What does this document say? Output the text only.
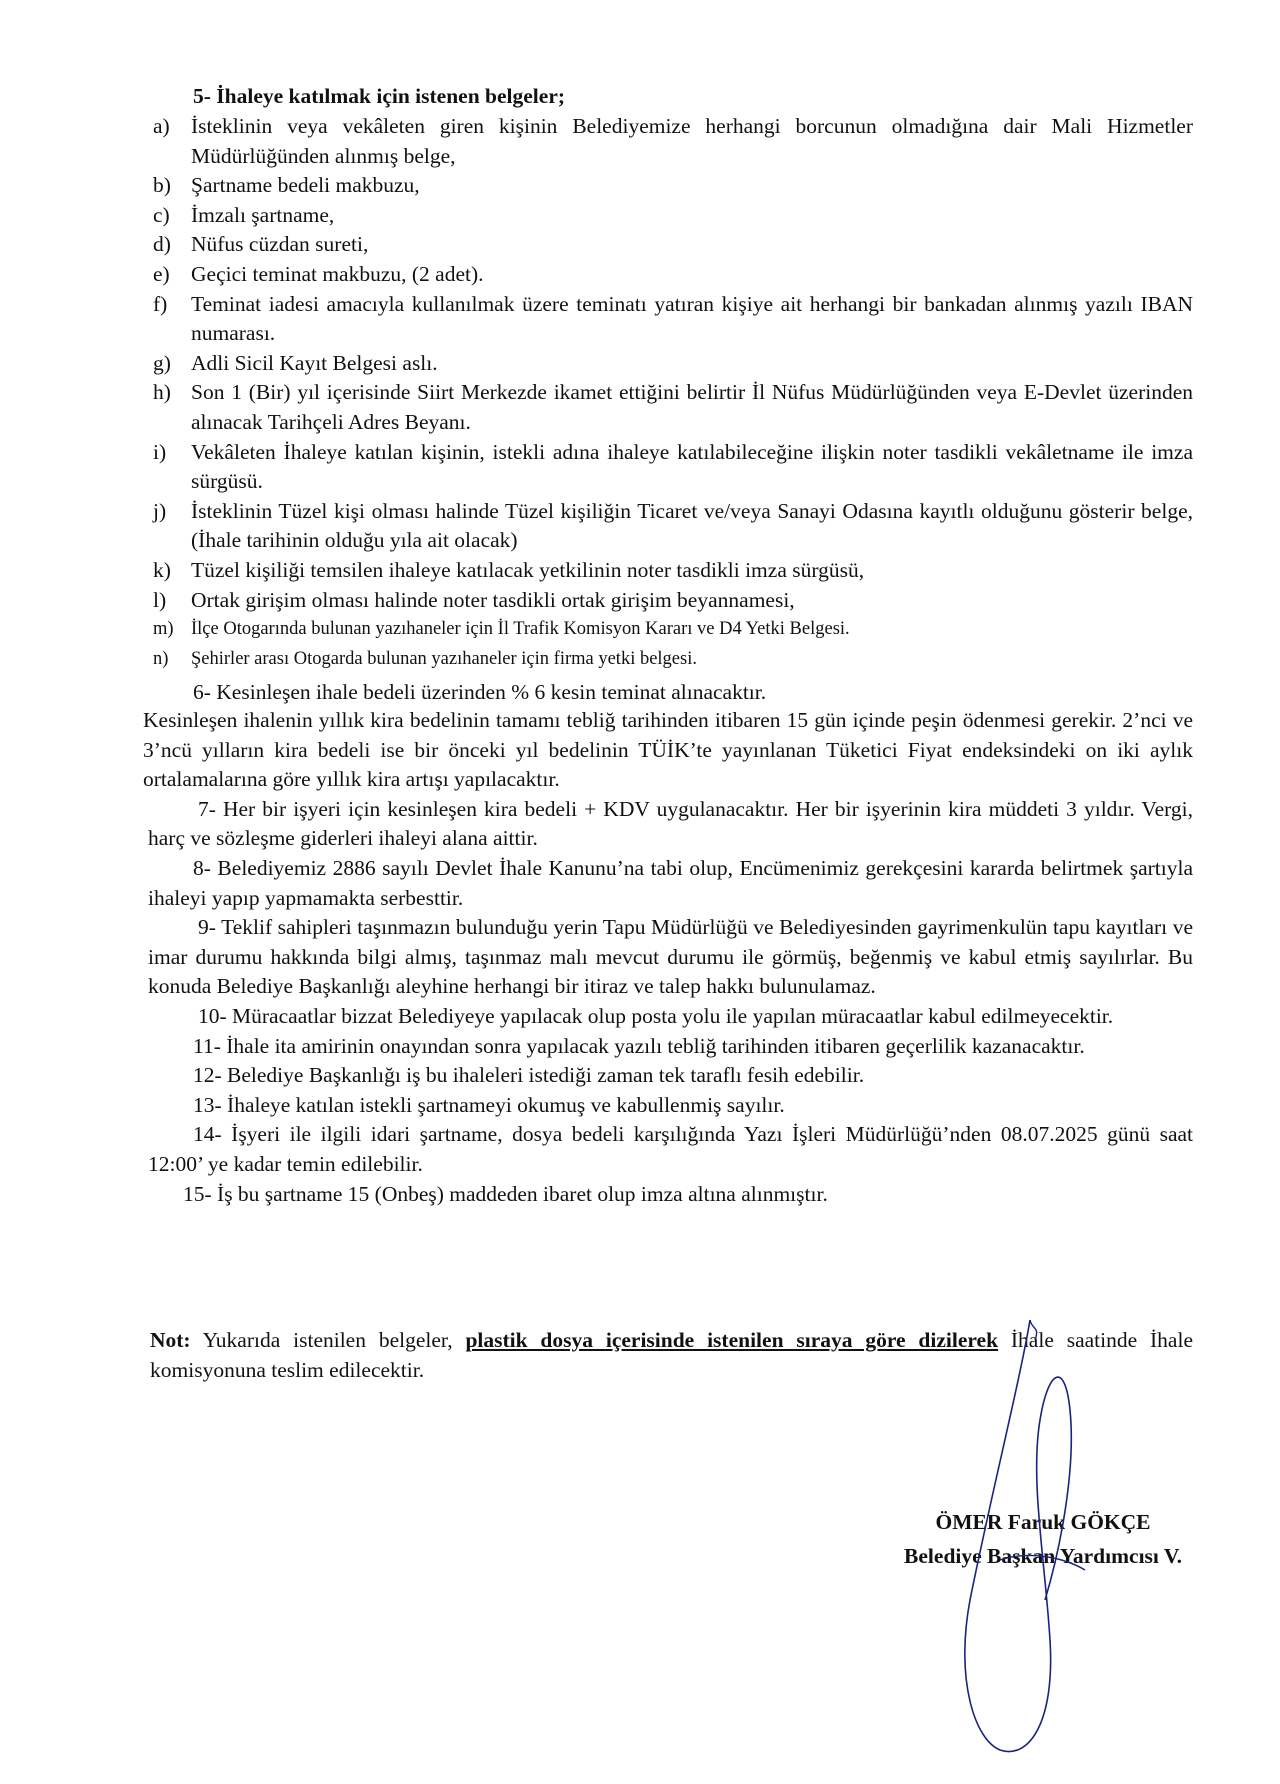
5- İhaleye katılmak için istenen belgeler;
a) İsteklinin veya vekâleten giren kişinin Belediyemize herhangi borcunun olmadığına dair Mali Hizmetler Müdürlüğünden alınmış belge,
b) Şartname bedeli makbuzu,
c) İmzalı şartname,
d) Nüfus cüzdan sureti,
e) Geçici teminat makbuzu, (2 adet).
f)	Teminat iadesi amacıyla kullanılmak üzere teminatı yatıran kişiye ait herhangi bir bankadan alınmış yazılı IBAN numarası.
g) Adli Sicil Kayıt Belgesi aslı.
h) Son 1 (Bir) yıl içerisinde Siirt Merkezde ikamet ettiğini belirtir İl Nüfus Müdürlüğünden veya E-Devlet üzerinden alınacak Tarihçeli Adres Beyanı.
i)	Vekâleten İhaleye katılan kişinin, istekli adına ihaleye katılabileceğine ilişkin noter tasdikli vekâletname ile imza sürgüsü.
j)	İsteklinin Tüzel kişi olması halinde Tüzel kişiliğin Ticaret ve/veya Sanayi Odasına kayıtlı olduğunu gösterir belge, (İhale tarihinin olduğu yıla ait olacak)
k) Tüzel kişiliği temsilen ihaleye katılacak yetkilinin noter tasdikli imza sürgüsü,
l)	Ortak girişim olması halinde noter tasdikli ortak girişim beyannamesi,
m) İlçe Otogarında bulunan yazıhaneler için İl Trafik Komisyon Kararı ve D4 Yetki Belgesi.
n)	Şehirler arası Otogarda bulunan yazıhaneler için firma yetki belgesi.
6- Kesinleşen ihale bedeli üzerinden % 6 kesin teminat alınacaktır.
Kesinleşen ihalenin yıllık kira bedelinin tamamı tebliğ tarihinden itibaren 15 gün içinde peşin ödenmesi gerekir. 2’nci ve 3’ncü yılların kira bedeli ise bir önceki yıl bedelinin TÜİK’te yayınlanan Tüketici Fiyat endeksindeki on iki aylık ortalamalarına göre yıllık kira artışı yapılacaktır.
7- Her bir işyeri için kesinleşen kira bedeli + KDV uygulanacaktır. Her bir işyerinin kira müddeti 3 yıldır. Vergi, harç ve sözleşme giderleri ihaleyi alana aittir.
8- Belediyemiz 2886 sayılı Devlet İhale Kanunu’na tabi olup, Encümenimiz gerekçesini kararda belirtmek şartıyla ihaleyi yapıp yapmamakta serbesttir.
9- Teklif sahipleri taşınmazın bulunduğu yerin Tapu Müdürlüğü ve Belediyesinden gayrimenkulün tapu kayıtları ve imar durumu hakkında bilgi almış, taşınmaz malı mevcut durumu ile görmüş, beğenmiş ve kabul etmiş sayılırlar. Bu konuda Belediye Başkanlığı aleyhine herhangi bir itiraz ve talep hakkı bulunulamaz.
10- Müracaatlar bizzat Belediyeye yapılacak olup posta yolu ile yapılan müracaatlar kabul edilmeyecektir.
11- İhale ita amirinin onayından sonra yapılacak yazılı tebliğ tarihinden itibaren geçerlilik kazanacaktır.
12- Belediye Başkanlığı iş bu ihaleleri istediği zaman tek taraflı fesih edebilir.
13- İhaleye katılan istekli şartnameyi okumuş ve kabullenmiş sayılır.
14- İşyeri ile ilgili idari şartname, dosya bedeli karşılığında Yazı İşleri Müdürlüğü’nden 08.07.2025 günü saat 12:00’ ye kadar temin edilebilir.
15- İş bu şartname 15 (Onbeş) maddeden ibaret olup imza altına alınmıştır.
Not: Yukarıda istenilen belgeler, plastik dosya içerisinde istenilen sıraya göre dizilerek İhale saatinde İhale komisyonuna teslim edilecektir.
ÖMER Faruk GÖKÇE
Belediye Başkan Yardımcısı V.
